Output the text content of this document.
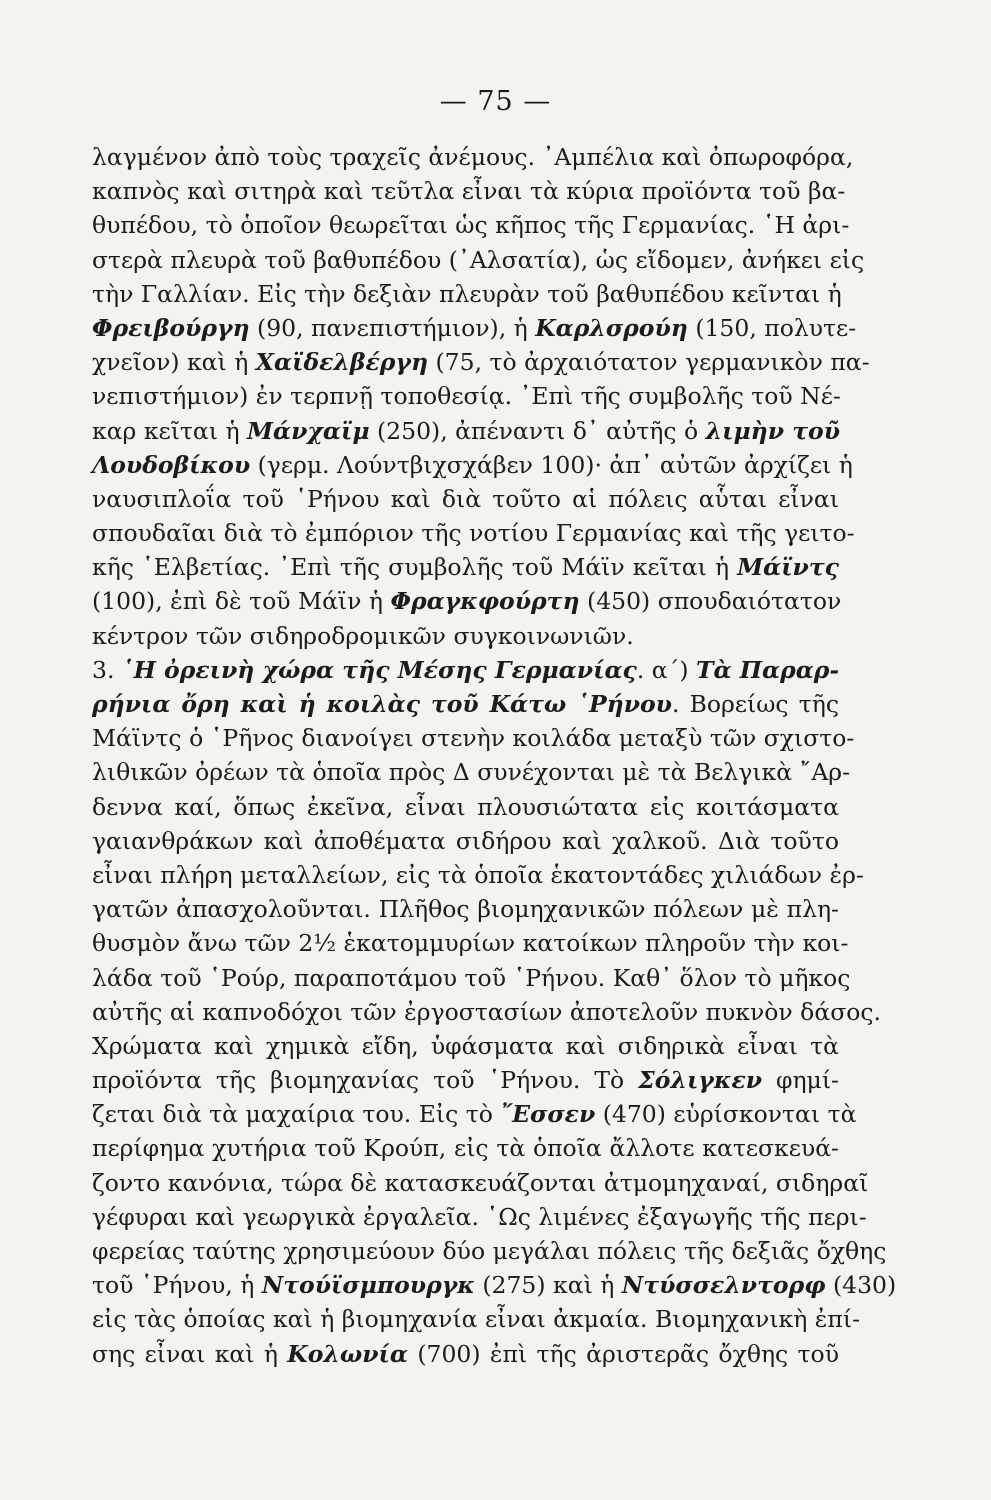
— 75 —
λαγμένον ἀπὸ τοὺς τραχεῖς ἀνέμους. ᾿Αμπέλια καὶ ὀπωροφόρα,
καπνὸς καὶ σιτηρὰ καὶ τεῦτλα εἶναι τὰ κύρια προϊόντα τοῦ βα-
θυπέδου, τὸ ὁποῖον θεωρεῖται ὡς κῆπος τῆς Γερμανίας. ῾Η ἀρι-
στερὰ πλευρὰ τοῦ βαθυπέδου (᾿Αλσατία), ὡς εἴδομεν, ἀνήκει εἰς
τὴν Γαλλίαν. Εἰς τὴν δεξιὰν πλευρὰν τοῦ βαθυπέδου κεῖνται ἡ
Φρειβούργη (90, πανεπιστήμιον), ἡ Καρλσρούη (150, πολυτε-
χνεῖον) καὶ ἡ Χαϊδελβέργη (75, τὸ ἀρχαιότατον γερμανικὸν πα-
νεπιστήμιον) ἐν τερπνῇ τοποθεσίᾳ. ᾿Επὶ τῆς συμβολῆς τοῦ Νέ-
καρ κεῖται ἡ Μάνχαϊμ (250), ἀπέναντι δ᾿ αὐτῆς ὁ λιμὴν τοῦ
Λουδοβίκου (γερμ. Λούντβιχσχάβεν 100)· ἀπ᾿ αὐτῶν ἀρχίζει ἡ
ναυσιπλοΐα τοῦ ῾Ρήνου καὶ διὰ τοῦτο αἱ πόλεις αὗται εἶναι
σπουδαῖαι διὰ τὸ ἐμπόριον τῆς νοτίου Γερμανίας καὶ τῆς γειτο-
κῆς ῾Ελβετίας. ᾿Επὶ τῆς συμβολῆς τοῦ Μάϊν κεῖται ἡ Μάϊντς
(100), ἐπὶ δὲ τοῦ Μάϊν ἡ Φραγκφούρτη (450) σπουδαιότατον
κέντρον τῶν σιδηροδρομικῶν συγκοινωνιῶν.
3. ῾Η ὀρεινὴ χώρα τῆς Μέσης Γερμανίας. α´) Τὰ Παραρ-
ρήνια ὄρη καὶ ἡ κοιλὰς τοῦ Κάτω ῾Ρήνου. Βορείως τῆς
Μάϊντς ὁ ῾Ρῆνος διανοίγει στενὴν κοιλάδα μεταξὺ τῶν σχιστο-
λιθικῶν ὀρέων τὰ ὁποῖα πρὸς Δ συνέχονται μὲ τὰ Βελγικὰ ῎Αρ-
δεννα καί, ὅπως ἐκεῖνα, εἶναι πλουσιώτατα εἰς κοιτάσματα
γαιανθράκων καὶ ἀποθέματα σιδήρου καὶ χαλκοῦ. Διὰ τοῦτο
εἶναι πλήρη μεταλλείων, εἰς τὰ ὁποῖα ἑκατοντάδες χιλιάδων ἐρ-
γατῶν ἀπασχολοῦνται. Πλῆθος βιομηχανικῶν πόλεων μὲ πλη-
θυσμὸν ἄνω τῶν 2½ ἑκατομμυρίων κατοίκων πληροῦν τὴν κοι-
λάδα τοῦ ῾Ρούρ, παραποτάμου τοῦ ῾Ρήνου. Καθ᾿ ὅλον τὸ μῆκος
αὐτῆς αἱ καπνοδόχοι τῶν ἐργοστασίων ἀποτελοῦν πυκνὸν δάσος.
Χρώματα καὶ χημικὰ εἴδη, ὑφάσματα καὶ σιδηρικὰ εἶναι τὰ
προϊόντα τῆς βιομηχανίας τοῦ ῾Ρήνου. Τὸ Σόλιγκεν φημί-
ζεται διὰ τὰ μαχαίρια του. Εἰς τὸ ῎Εσσεν (470) εὑρίσκονται τὰ
περίφημα χυτήρια τοῦ Κρούπ, εἰς τὰ ὁποῖα ἄλλοτε κατεσκευά-
ζοντο κανόνια, τώρα δὲ κατασκευάζονται ἀτμομηχαναί, σιδηραῖ
γέφυραι καὶ γεωργικὰ ἐργαλεῖα. ῾Ως λιμένες ἐξαγωγῆς τῆς περι-
φερείας ταύτης χρησιμεύουν δύο μεγάλαι πόλεις τῆς δεξιᾶς ὄχθης
τοῦ ῾Ρήνου, ἡ Ντούϊσμπουργκ (275) καὶ ἡ Ντύσσελντορφ (430)
εἰς τὰς ὁποίας καὶ ἡ βιομηχανία εἶναι ἀκμαία. Βιομηχανικὴ ἐπί-
σης εἶναι καὶ ἡ Κολωνία (700) ἐπὶ τῆς ἀριστερᾶς ὄχθης τοῦ
